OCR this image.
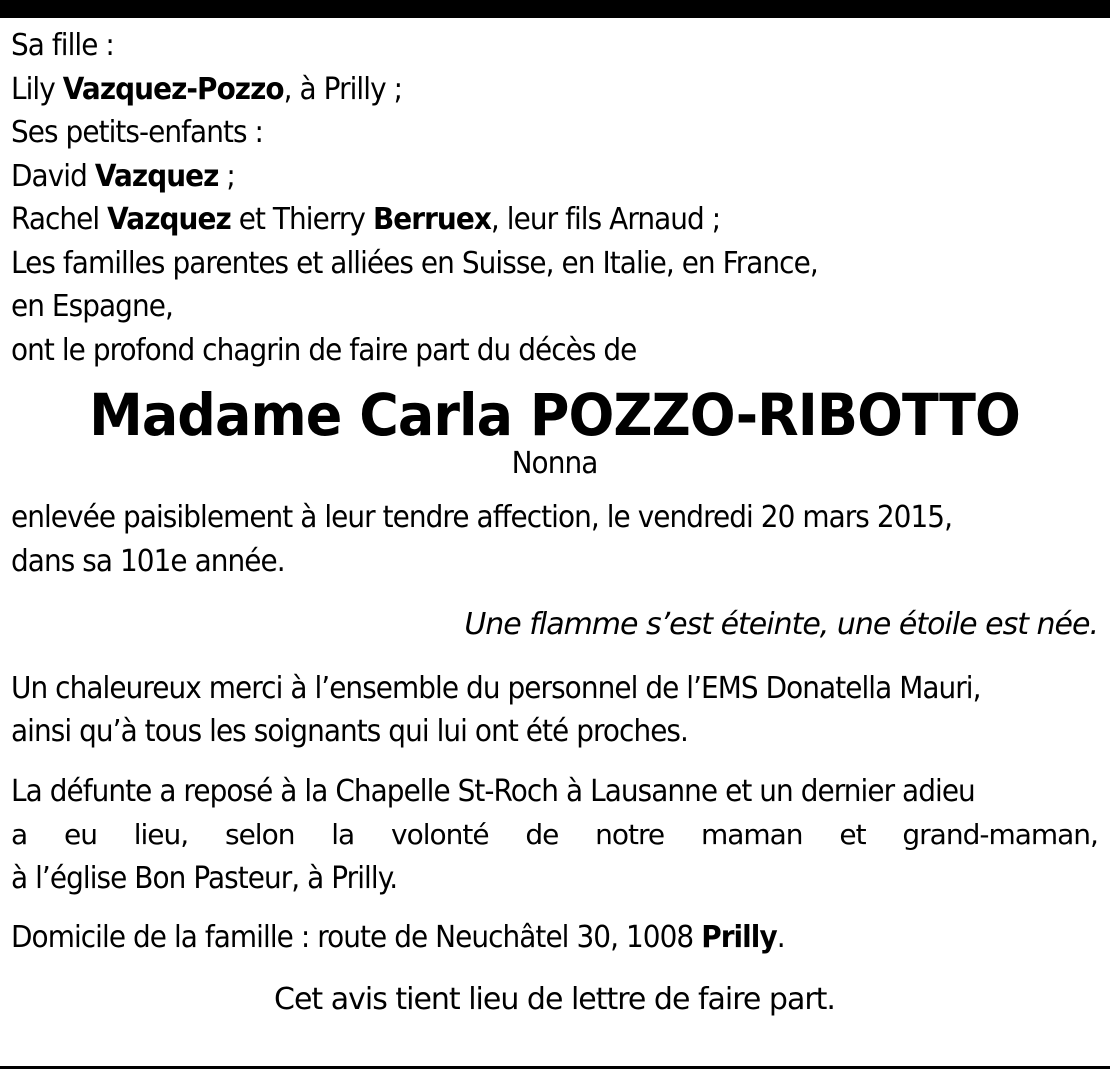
Sa fille :
Lily Vazquez-Pozzo, à Prilly ;
Ses petits-enfants :
David Vazquez ;
Rachel Vazquez et Thierry Berruex, leur fils Arnaud ;
Les familles parentes et alliées en Suisse, en Italie, en France,
en Espagne,
ont le profond chagrin de faire part du décès de
Madame Carla POZZO-RIBOTTO
Nonna
enlevée paisiblement à leur tendre affection, le vendredi 20 mars 2015,
dans sa 101e année.
Une flamme s’est éteinte, une étoile est née.
Un chaleureux merci à l’ensemble du personnel de l’EMS Donatella Mauri,
ainsi qu’à tous les soignants qui lui ont été proches.
La défunte a reposé à la Chapelle St-Roch à Lausanne et un dernier adieu
a eu lieu, selon la volonté de notre maman et grand-maman,
à l’église Bon Pasteur, à Prilly.
Domicile de la famille : route de Neuchâtel 30, 1008 Prilly.
Cet avis tient lieu de lettre de faire part.
